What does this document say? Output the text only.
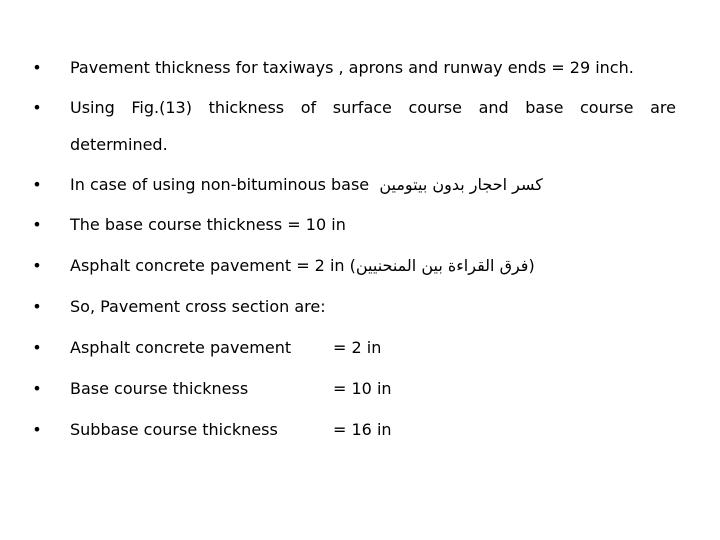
• Pavement thickness for taxiways , aprons and runway ends = 29 inch.
• Using Fig.(13) thickness of surface course and base course are
determined.
• In case of using non-bituminous base كسر احجار بدون بيتومين
• The base course thickness = 10 in
• Asphalt concrete pavement = 2 in (فرق القراءة بين المنحنيين)
• So, Pavement cross section are:
• Asphalt concrete pavement	= 2 in
• Base course thickness	= 10 in
• Subbase course thickness	= 16 in
